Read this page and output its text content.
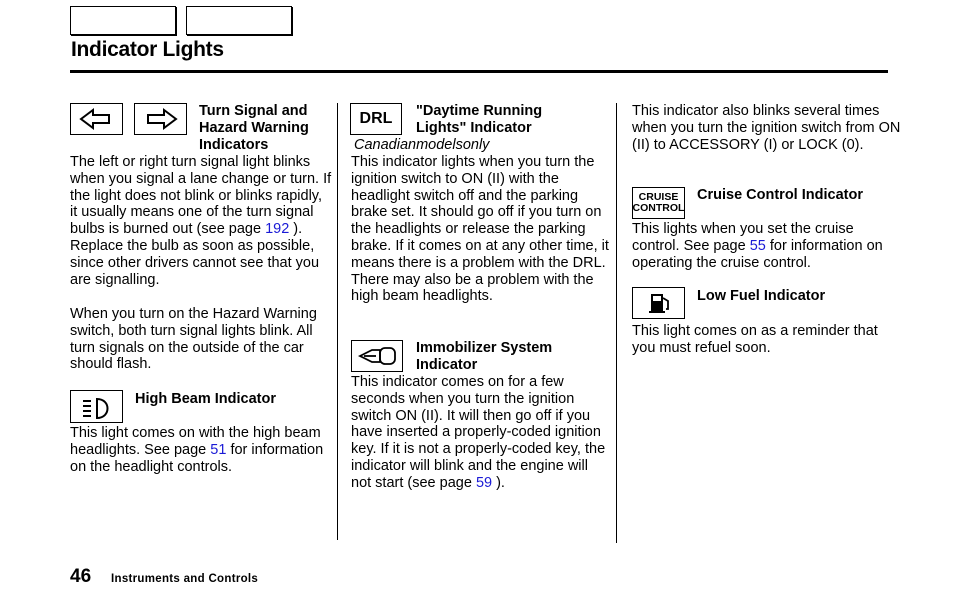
Indicator Lights
Turn Signal and Hazard Warning Indicators
The left or right turn signal light blinks when you signal a lane change or turn. If the light does not blink or blinks rapidly, it usually means one of the turn signal bulbs is burned out (see page 192 ). Replace the bulb as soon as possible, since other drivers cannot see that you are signalling.
When you turn on the Hazard Warning switch, both turn signal lights blink. All turn signals on the outside of the car should flash.
High Beam Indicator
This light comes on with the high beam headlights. See page 51 for information on the headlight controls.
DRL "Daytime Running Lights" Indicator
Canadianmodelsonly
This indicator lights when you turn the ignition switch to ON (II) with the headlight switch off and the parking brake set. It should go off if you turn on the headlights or release the parking brake. If it comes on at any other time, it means there is a problem with the DRL. There may also be a problem with the high beam headlights.
Immobilizer System Indicator
This indicator comes on for a few seconds when you turn the ignition switch ON (II). It will then go off if you have inserted a properly-coded ignition key. If it is not a properly-coded key, the indicator will blink and the engine will not start (see page 59 ).
This indicator also blinks several times when you turn the ignition switch from ON (II) to ACCESSORY (I) or LOCK (0).
CRUISE
CONTROL
Cruise Control Indicator
This lights when you set the cruise control. See page 55 for information on operating the cruise control.
Low Fuel Indicator
This light comes on as a reminder that you must refuel soon.
46 Instruments and Controls
